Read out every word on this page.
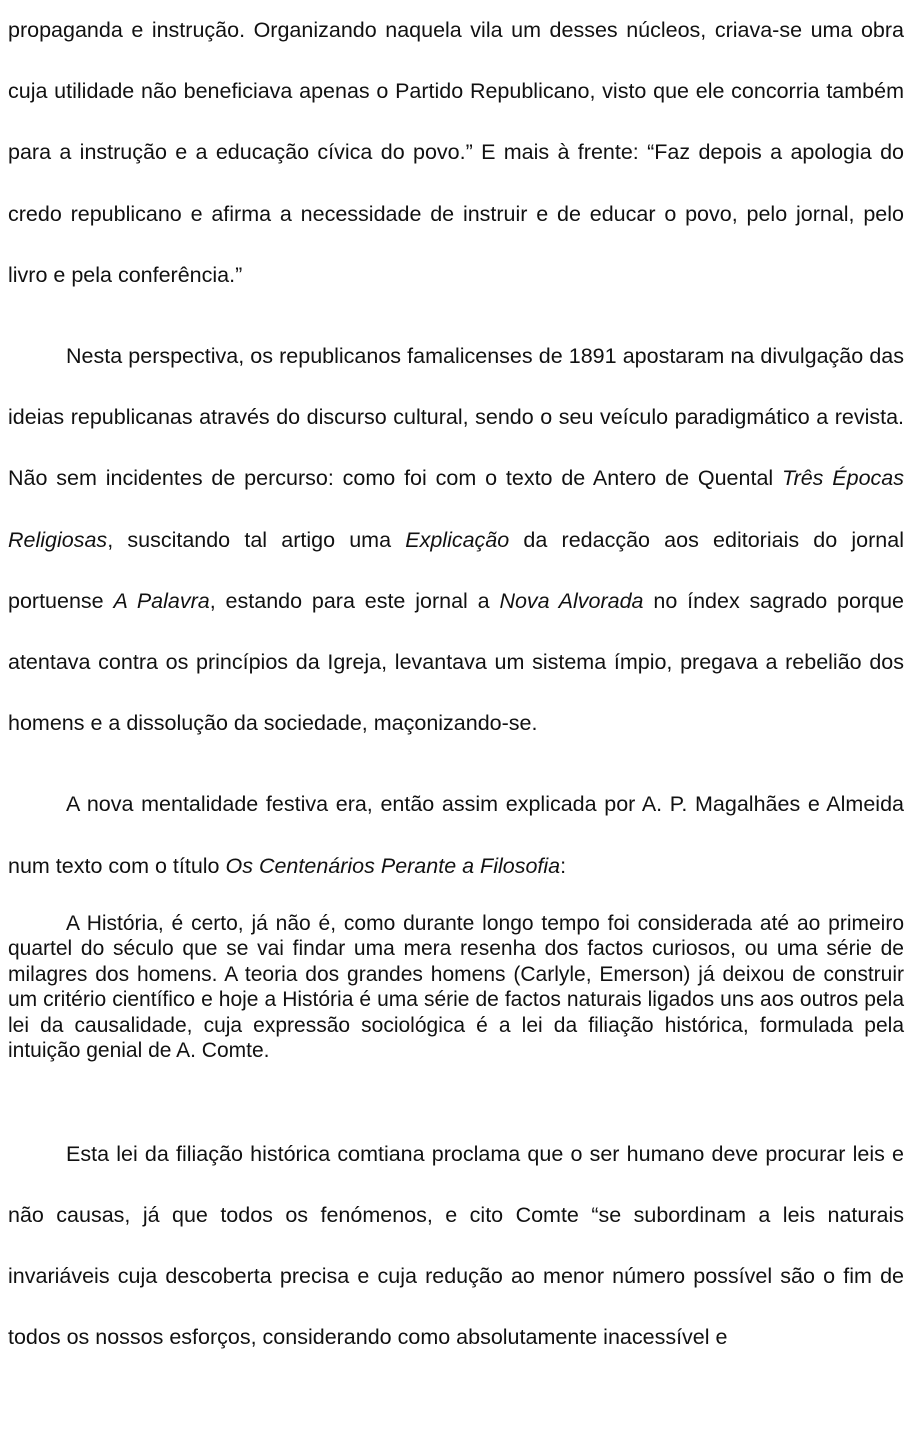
propaganda e instrução. Organizando naquela vila um desses núcleos, criava-se uma obra cuja utilidade não beneficiava apenas o Partido Republicano, visto que ele concorria também para a instrução e a educação cívica do povo.” E mais à frente: “Faz depois a apologia do credo republicano e afirma a necessidade de instruir e de educar o povo, pelo jornal, pelo livro e pela conferência.”

Nesta perspectiva, os republicanos famalicenses de 1891 apostaram na divulgação das ideias republicanas através do discurso cultural, sendo o seu veículo paradigmático a revista. Não sem incidentes de percurso: como foi com o texto de Antero de Quental Três Épocas Religiosas, suscitando tal artigo uma Explicação da redacção aos editoriais do jornal portuense A Palavra, estando para este jornal a Nova Alvorada no índex sagrado porque atentava contra os princípios da Igreja, levantava um sistema ímpio, pregava a rebelião dos homens e a dissolução da sociedade, maçonizando-se.

A nova mentalidade festiva era, então assim explicada por A. P. Magalhães e Almeida num texto com o título Os Centenários Perante a Filosofia:

A História, é certo, já não é, como durante longo tempo foi considerada até ao primeiro quartel do século que se vai findar uma mera resenha dos factos curiosos, ou uma série de milagres dos homens. A teoria dos grandes homens (Carlyle, Emerson) já deixou de construir um critério científico e hoje a História é uma série de factos naturais ligados uns aos outros pela lei da causalidade, cuja expressão sociológica é a lei da filiação histórica, formulada pela intuição genial de A. Comte.

Esta lei da filiação histórica comtiana proclama que o ser humano deve procurar leis e não causas, já que todos os fenómenos, e cito Comte “se subordinam a leis naturais invariáveis cuja descoberta precisa e cuja redução ao menor número possível são o fim de todos os nossos esforços, considerando como absolutamente inacessível e
